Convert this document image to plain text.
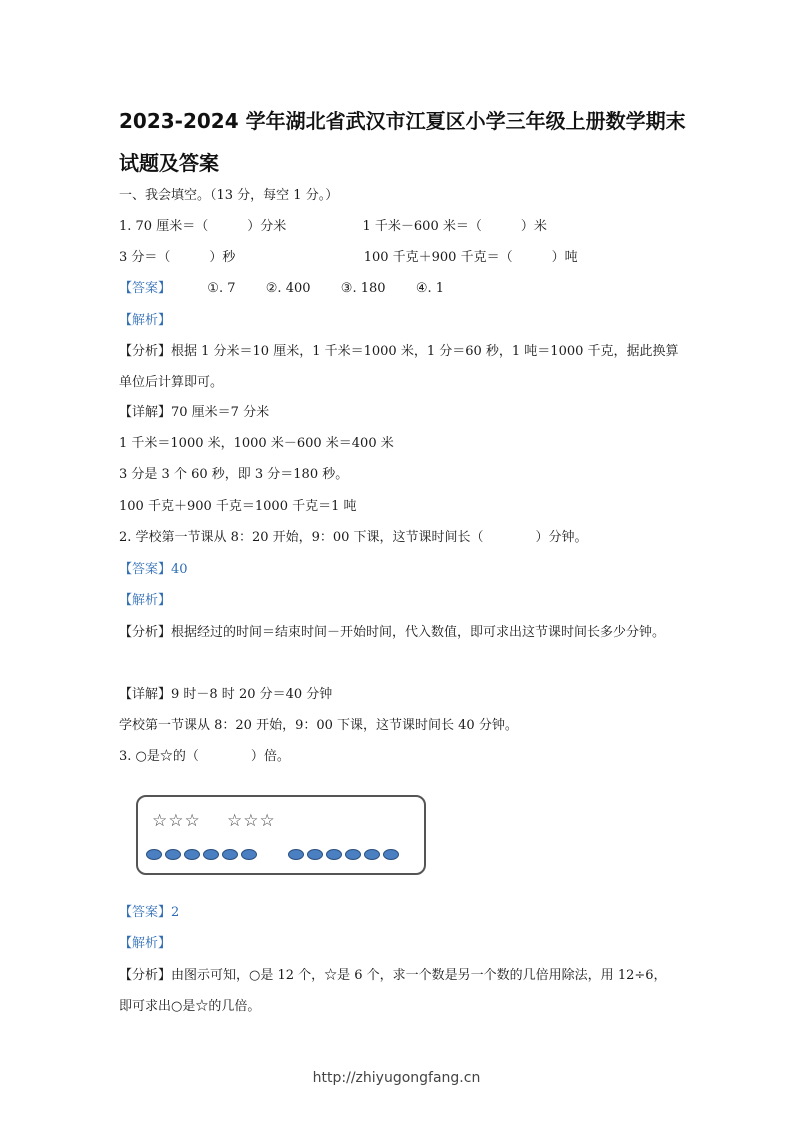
2023-2024 学年湖北省武汉市江夏区小学三年级上册数学期末试题及答案
一、我会填空。（13 分，每空 1 分。）
1. 70 厘米＝（　　　）分米	1 千米－600 米＝（　　　）米
3 分＝（　　　）秒	100 千克＋900 千克＝（　　　）吨
【答案】	①. 7 ②. 400 ③. 180 ④. 1
【解析】
【分析】根据 1 分米＝10 厘米，1 千米＝1000 米，1 分＝60 秒，1 吨＝1000 千克，据此换算单位后计算即可。
【详解】70 厘米＝7 分米
1 千米＝1000 米，1000 米－600 米＝400 米
3 分是 3 个 60 秒，即 3 分＝180 秒。
100 千克＋900 千克＝1000 千克＝1 吨
2. 学校第一节课从 8：20 开始，9：00 下课，这节课时间长（　　　　）分钟。
【答案】40
【解析】
【分析】根据经过的时间＝结束时间－开始时间，代入数值，即可求出这节课时间长多少分钟。
【详解】9 时－8 时 20 分＝40 分钟
学校第一节课从 8：20 开始，9：00 下课，这节课时间长 40 分钟。
3. ○是☆的（　　　　）倍。
☆☆☆ ☆☆☆
【答案】2
【解析】
【分析】由图示可知，○是 12 个，☆是 6 个，求一个数是另一个数的几倍用除法，用 12÷6，即可求出○是☆的几倍。
http://zhiyugongfang.cn
